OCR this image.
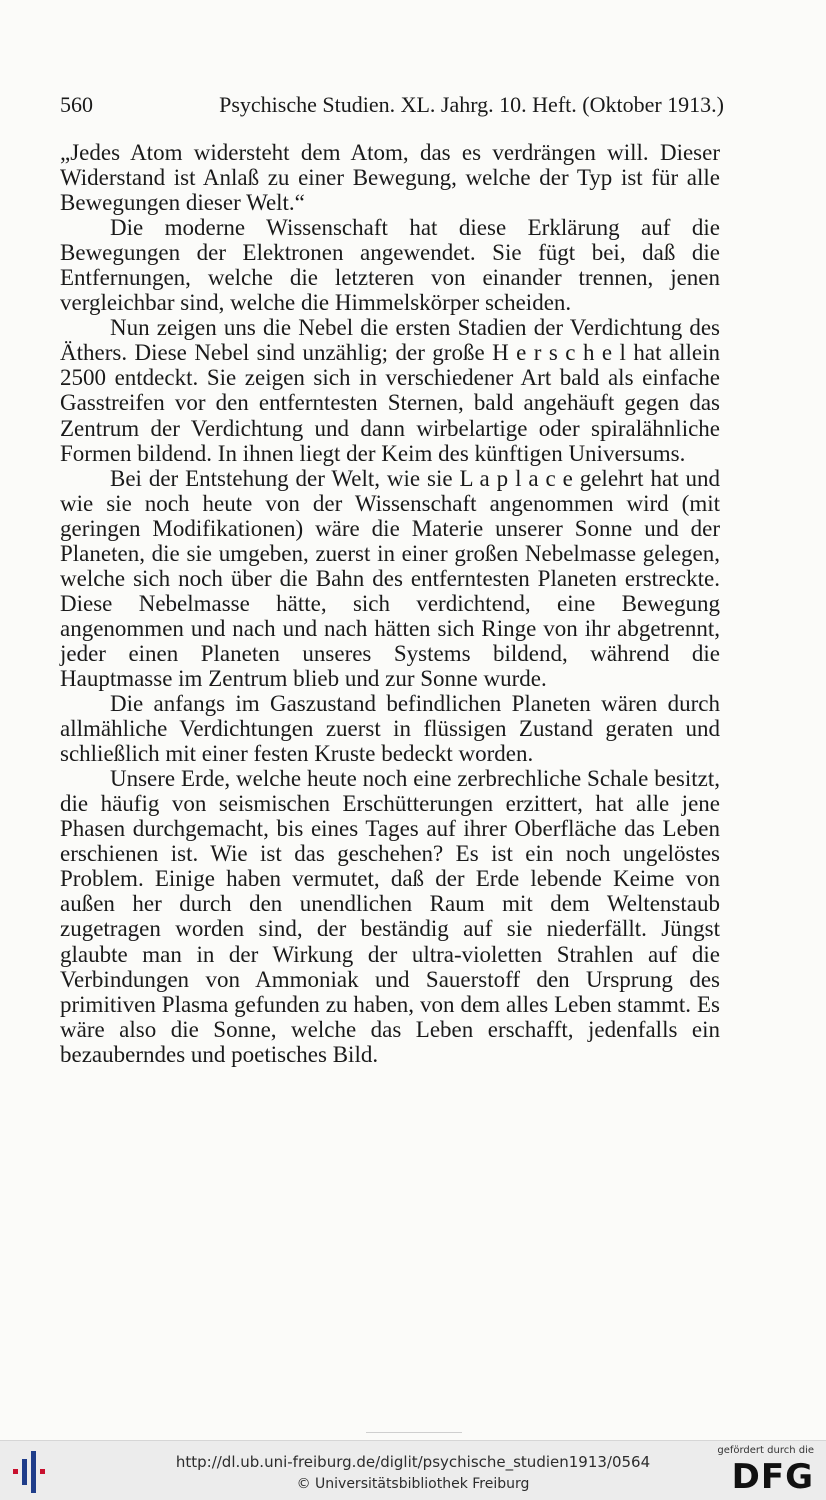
560	Psychische Studien. XL. Jahrg. 10. Heft. (Oktober 1913.)

„Jedes Atom widersteht dem Atom, das es verdrängen will. Dieser Widerstand ist Anlaß zu einer Bewegung, welche der Typ ist für alle Bewegungen dieser Welt.“

Die moderne Wissenschaft hat diese Erklärung auf die Bewegungen der Elektronen angewendet. Sie fügt bei, daß die Entfernungen, welche die letzteren von einander trennen, jenen vergleichbar sind, welche die Himmelskörper scheiden.

Nun zeigen uns die Nebel die ersten Stadien der Verdichtung des Äthers. Diese Nebel sind unzählig; der große H e r s c h e l hat allein 2500 entdeckt. Sie zeigen sich in verschiedener Art bald als einfache Gasstreifen vor den entferntesten Sternen, bald angehäuft gegen das Zentrum der Verdichtung und dann wirbelartige oder spiralähnliche Formen bildend. In ihnen liegt der Keim des künftigen Universums.

Bei der Entstehung der Welt, wie sie L a p l a c e gelehrt hat und wie sie noch heute von der Wissenschaft angenommen wird (mit geringen Modifikationen) wäre die Materie unserer Sonne und der Planeten, die sie umgeben, zuerst in einer großen Nebelmasse gelegen, welche sich noch über die Bahn des entferntesten Planeten erstreckte. Diese Nebelmasse hätte, sich verdichtend, eine Bewegung angenommen und nach und nach hätten sich Ringe von ihr abgetrennt, jeder einen Planeten unseres Systems bildend, während die Hauptmasse im Zentrum blieb und zur Sonne wurde.

Die anfangs im Gaszustand befindlichen Planeten wären durch allmähliche Verdichtungen zuerst in flüssigen Zustand geraten und schließlich mit einer festen Kruste bedeckt worden.

Unsere Erde, welche heute noch eine zerbrechliche Schale besitzt, die häufig von seismischen Erschütterungen erzittert, hat alle jene Phasen durchgemacht, bis eines Tages auf ihrer Oberfläche das Leben erschienen ist. Wie ist das geschehen? Es ist ein noch ungelöstes Problem. Einige haben vermutet, daß der Erde lebende Keime von außen her durch den unendlichen Raum mit dem Weltenstaub zugetragen worden sind, der beständig auf sie niederfällt. Jüngst glaubte man in der Wirkung der ultra-violetten Strahlen auf die Verbindungen von Ammoniak und Sauerstoff den Ursprung des primitiven Plasma gefunden zu haben, von dem alles Leben stammt. Es wäre also die Sonne, welche das Leben erschafft, jedenfalls ein bezauberndes und poetisches Bild.

http://dl.ub.uni-freiburg.de/diglit/psychische_studien1913/0564
© Universitätsbibliothek Freiburg
gefördert durch die
DFG
